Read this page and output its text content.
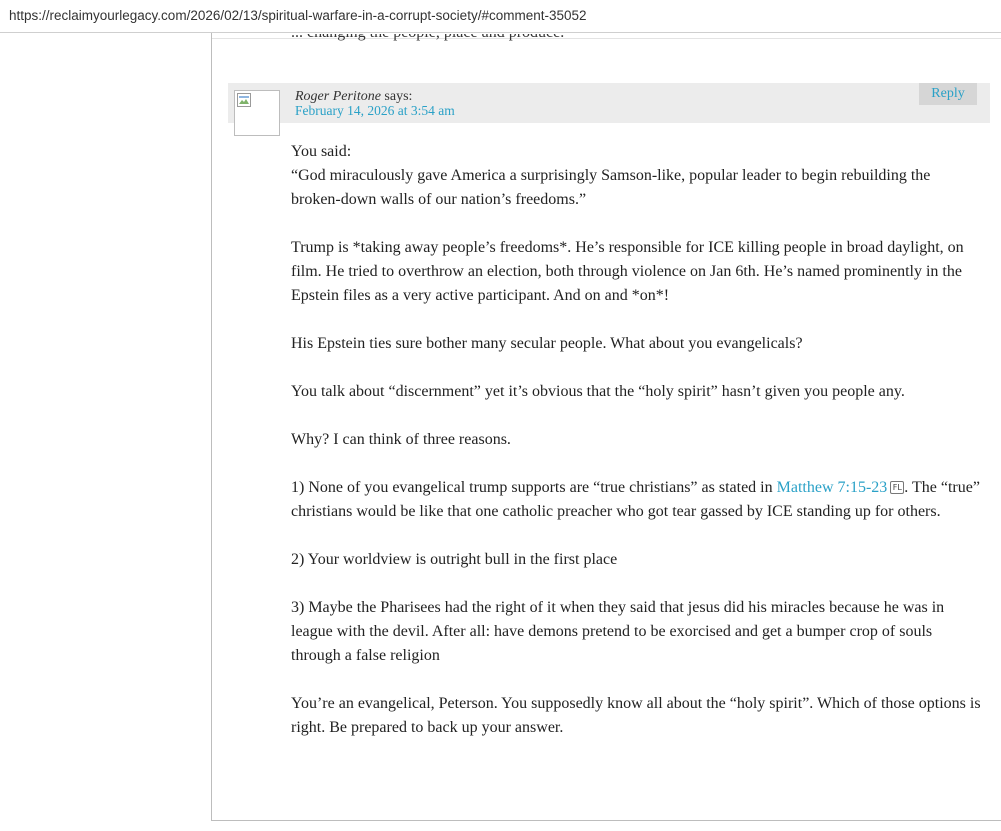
https://reclaimyourlegacy.com/2026/02/13/spiritual-warfare-in-a-corrupt-society/#comment-35052
Roger Peritone says:
February 14, 2026 at 3:54 am
Reply

You said:
“God miraculously gave America a surprisingly Samson-like, popular leader to begin rebuilding the broken-down walls of our nation’s freedoms.”

Trump is *taking away people’s freedoms*. He’s responsible for ICE killing people in broad daylight, on film. He tried to overthrow an election, both through violence on Jan 6th. He’s named prominently in the Epstein files as a very active participant. And on and *on*!

His Epstein ties sure bother many secular people. What about you evangelicals?

You talk about “discernment” yet it’s obvious that the “holy spirit” hasn’t given you people any.

Why? I can think of three reasons.

1) None of you evangelical trump supports are “true christians” as stated in Matthew 7:15-23 FL . The “true” christians would be like that one catholic preacher who got tear gassed by ICE standing up for others.

2) Your worldview is outright bull in the first place

3) Maybe the Pharisees had the right of it when they said that jesus did his miracles because he was in league with the devil. After all: have demons pretend to be exorcised and get a bumper crop of souls through a false religion

You’re an evangelical, Peterson. You supposedly know all about the “holy spirit”. Which of those options is right. Be prepared to back up your answer.
